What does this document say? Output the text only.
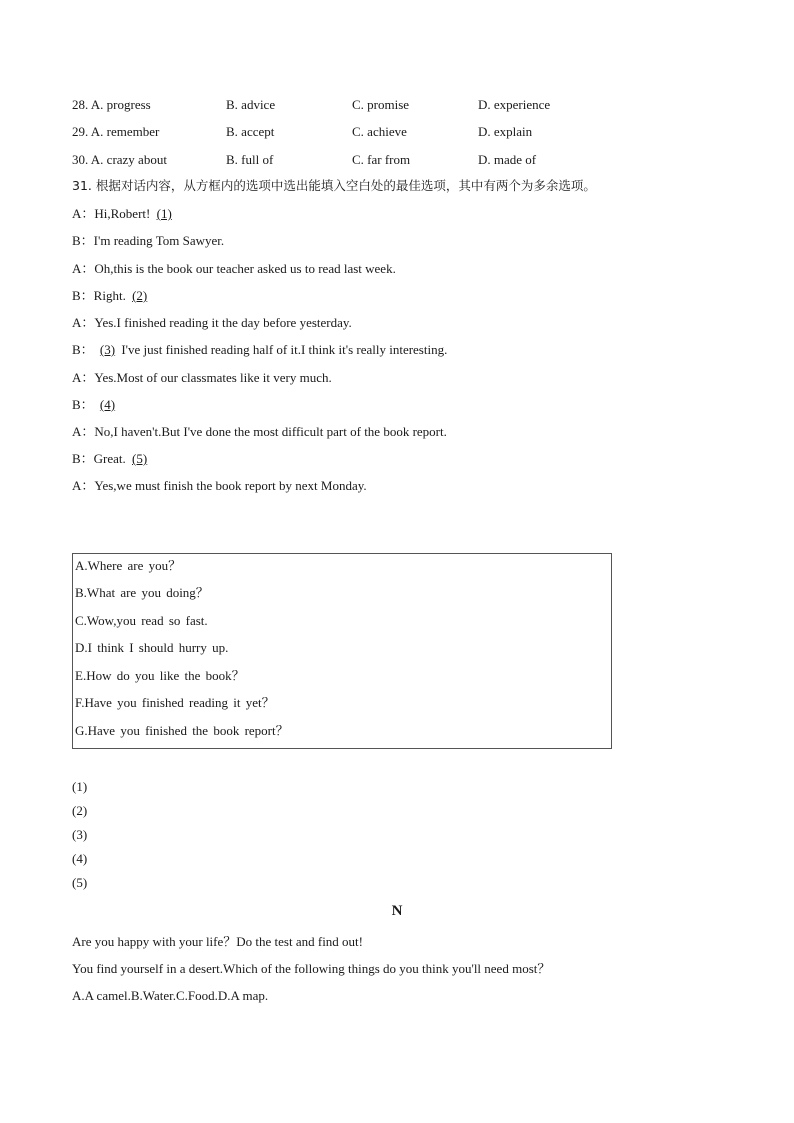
28. A. progress	B. advice	C. promise	D. experience
29. A. remember	B. accept	C. achieve	D. explain
30. A. crazy about	B. full of	C. far from	D. made of
31. 根据对话内容，从方框内的选项中选出能填入空白处的最佳选项，其中有两个为多余选项。
A：Hi,Robert! (1)
B：I'm reading Tom Sawyer.
A：Oh,this is the book our teacher asked us to read last week.
B：Right. (2)
A：Yes.I finished reading it the day before yesterday.
B： (3) I've just finished reading half of it.I think it's really interesting.
A：Yes.Most of our classmates like it very much.
B： (4)
A：No,I haven't.But I've done the most difficult part of the book report.
B：Great. (5)
A：Yes,we must finish the book report by next Monday.
A.Where are you？
B.What are you doing？
C.Wow,you read so fast.
D.I think I should hurry up.
E.How do you like the book？
F.Have you finished reading it yet？
G.Have you finished the book report？
(1)
(2)
(3)
(4)
(5)
N
Are you happy with your life？Do the test and find out!
You find yourself in a desert.Which of the following things do you think you'll need most？
A.A camel.B.Water.C.Food.D.A map.
